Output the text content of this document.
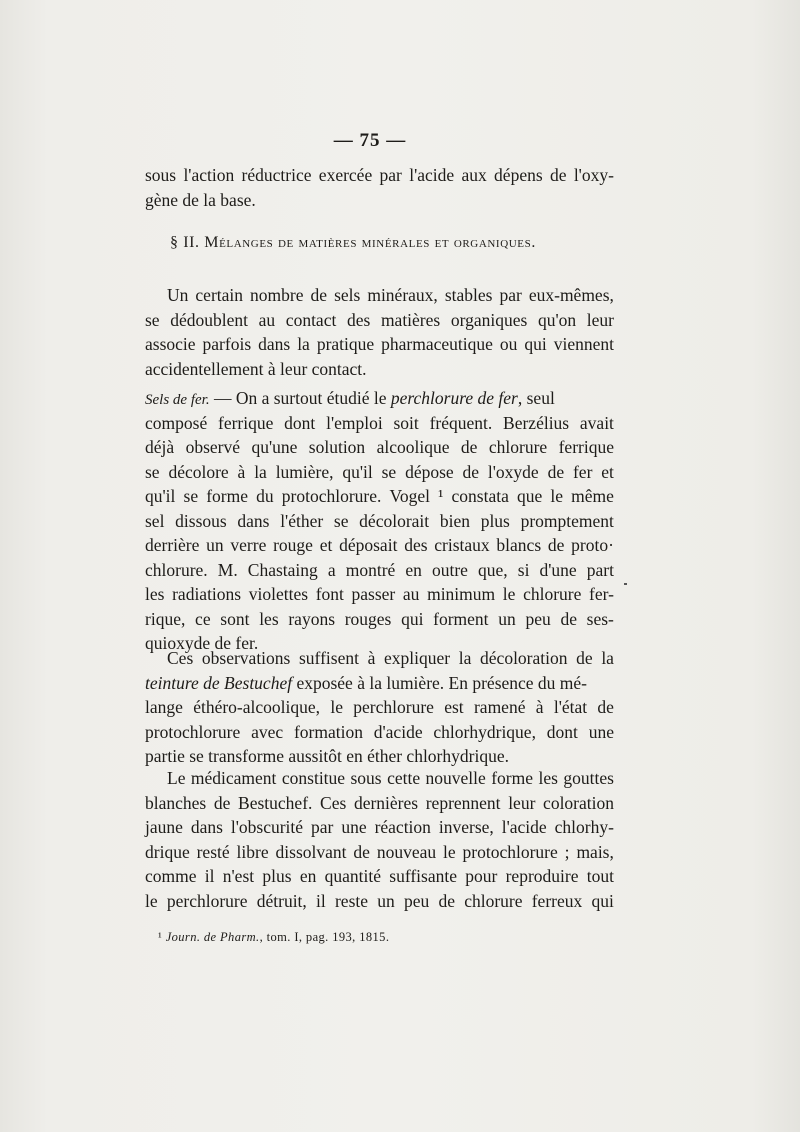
— 75 —
sous l'action réductrice exercée par l'acide aux dépens de l'oxy-
gène de la base.
§ II. Mélanges de matières minérales et organiques.
Un certain nombre de sels minéraux, stables par eux-mêmes,
se dédoublent au contact des matières organiques qu'on leur
associe parfois dans la pratique pharmaceutique ou qui viennent
accidentellement à leur contact.
Sels de fer. — On a surtout étudié le perchlorure de fer, seul
composé ferrique dont l'emploi soit fréquent. Berzélius avait
déjà observé qu'une solution alcoolique de chlorure ferrique
se décolore à la lumière, qu'il se dépose de l'oxyde de fer et
qu'il se forme du protochlorure. Vogel ¹ constata que le même
sel dissous dans l'éther se décolorait bien plus promptement
derrière un verre rouge et déposait des cristaux blancs de proto·
chlorure. M. Chastaing a montré en outre que, si d'une part
les radiations violettes font passer au minimum le chlorure fer-
rique, ce sont les rayons rouges qui forment un peu de ses-
quioxyde de fer.
Ces observations suffisent à expliquer la décoloration de la
teinture de Bestuchef exposée à la lumière. En présence du mé-
lange éthéro-alcoolique, le perchlorure est ramené à l'état de
protochlorure avec formation d'acide chlorhydrique, dont une
partie se transforme aussitôt en éther chlorhydrique.
Le médicament constitue sous cette nouvelle forme les gouttes
blanches de Bestuchef. Ces dernières reprennent leur coloration
jaune dans l'obscurité par une réaction inverse, l'acide chlorhy-
drique resté libre dissolvant de nouveau le protochlorure ; mais,
comme il n'est plus en quantité suffisante pour reproduire tout
le perchlorure détruit, il reste un peu de chlorure ferreux qui
¹ Journ. de Pharm., tom. I, pag. 193, 1815.
